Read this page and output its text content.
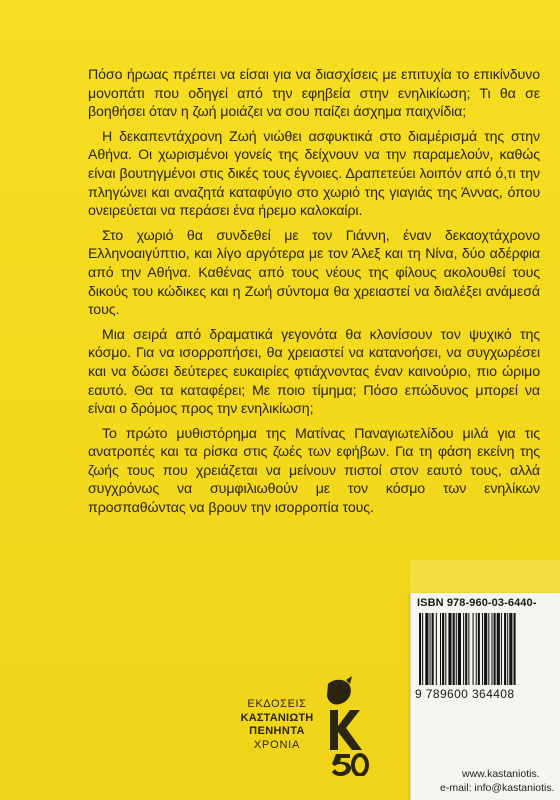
Πόσο ήρωας πρέπει να είσαι για να διασχίσεις με επιτυχία το επικίνδυνο μονοπάτι που οδηγεί από την εφηβεία στην ενηλικίωση; Τι θα σε βοηθήσει όταν η ζωή μοιάζει να σου παίζει άσχημα παιχνίδια;

Η δεκαπεντάχρονη Ζωή νιώθει ασφυκτικά στο διαμέρισμά της στην Αθήνα. Οι χωρισμένοι γονείς της δείχνουν να την παραμελούν, καθώς είναι βουτηγμένοι στις δικές τους έγνοιες. Δραπετεύει λοιπόν από ό,τι την πληγώνει και αναζητά καταφύγιο στο χωριό της γιαγιάς της Άννας, όπου ονειρεύεται να περάσει ένα ήρεμο καλοκαίρι.

Στο χωριό θα συνδεθεί με τον Γιάννη, έναν δεκαοχτάχρονο Ελληνοαιγύπτιο, και λίγο αργότερα με τον Άλεξ και τη Νίνα, δύο αδέρφια από την Αθήνα. Καθένας από τους νέους της φίλους ακολουθεί τους δικούς του κώδικες και η Ζωή σύντομα θα χρειαστεί να διαλέξει ανάμεσά τους.

Μια σειρά από δραματικά γεγονότα θα κλονίσουν τον ψυχικό της κόσμο. Για να ισορροπήσει, θα χρειαστεί να κατανοήσει, να συγχωρέσει και να δώσει δεύτερες ευκαιρίες φτιάχνοντας έναν καινούριο, πιο ώριμο εαυτό. Θα τα καταφέρει; Με ποιο τίμημα; Πόσο επώδυνος μπορεί να είναι ο δρόμος προς την ενηλικίωση;

Το πρώτο μυθιστόρημα της Ματίνας Παναγιωτελίδου μιλά για τις ανατροπές και τα ρίσκα στις ζωές των εφήβων. Για τη φάση εκείνη της ζωής τους που χρειάζεται να μείνουν πιστοί στον εαυτό τους, αλλά συγχρόνως να συμφιλιωθούν με τον κόσμο των ενηλίκων προσπαθώντας να βρουν την ισορροπία τους.

ΕΚΔΟΣΕΙΣ
ΚΑΣΤΑΝΙΩΤΗ
ΠΕΝΗΝΤΑ
ΧΡΟΝΙΑ
ISBN 978-960-03-6440-
9 789600 364408
www.kastaniotis.
e-mail: info@kastaniotis.
